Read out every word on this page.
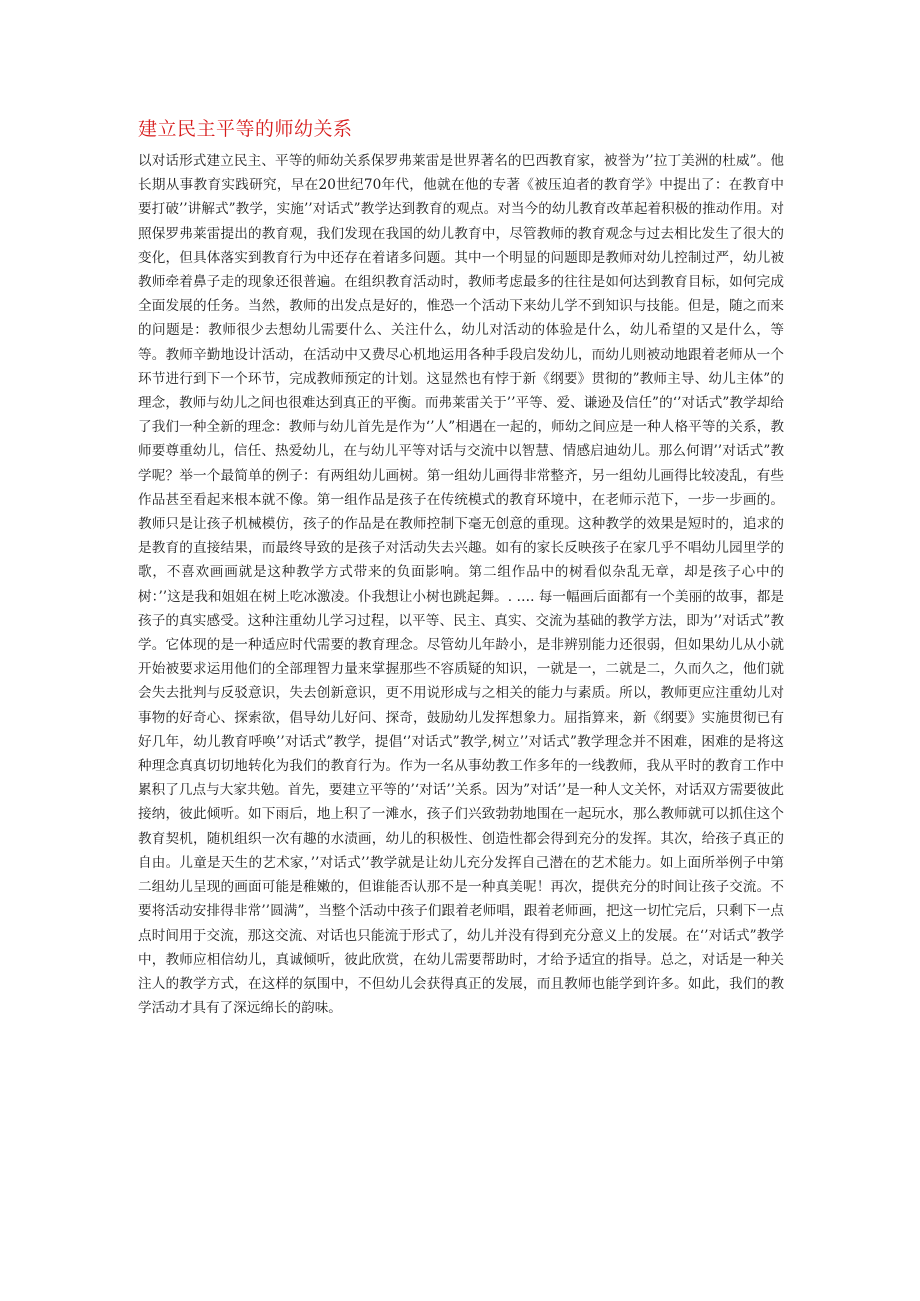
建立民主平等的师幼关系

以对话形式建立民主、平等的师幼关系保罗弗莱雷是世界著名的巴西教育家，被誉为’’拉丁美洲的杜威”。他长期从事教育实践研究，早在20世纪70年代，他就在他的专著《被压迫者的教育学》中提出了：在教育中要打破’’讲解式”教学，实施’’对话式”教学达到教育的观点。对当今的幼儿教育改革起着积极的推动作用。对照保罗弗莱雷提出的教育观，我们发现在我国的幼儿教育中，尽管教师的教育观念与过去相比发生了很大的变化，但具体落实到教育行为中还存在着诸多问题。其中一个明显的问题即是教师对幼儿控制过严，幼儿被教师牵着鼻子走的现象还很普遍。在组织教育活动时，教师考虑最多的往往是如何达到教育目标，如何完成全面发展的任务。当然，教师的出发点是好的，惟恐一个活动下来幼儿学不到知识与技能。但是，随之而来的问题是：教师很少去想幼儿需要什么、关注什么，幼儿对活动的体验是什么，幼儿希望的又是什么，等等。教师辛勤地设计活动，在活动中又费尽心机地运用各种手段启发幼儿，而幼儿则被动地跟着老师从一个环节进行到下一个环节，完成教师预定的计划。这显然也有悖于新《纲要》贯彻的”教师主导、幼儿主体”的理念，教师与幼儿之间也很难达到真正的平衡。而弗莱雷关于’’平等、爱、谦逊及信任”的‘’对话式”教学却给了我们一种全新的理念：教师与幼儿首先是作为‘’人”相遇在一起的，师幼之间应是一种人格平等的关系，教师要尊重幼儿，信任、热爱幼儿，在与幼儿平等对话与交流中以智慧、情感启迪幼儿。那么何谓’’对话式”教学呢？举一个最简单的例子：有两组幼儿画树。第一组幼儿画得非常整齐，另一组幼儿画得比较凌乱，有些作品甚至看起来根本就不像。第一组作品是孩子在传统模式的教育环境中，在老师示范下，一步一步画的。教师只是让孩子机械模仿，孩子的作品是在教师控制下毫无创意的重现。这种教学的效果是短时的，追求的是教育的直接结果，而最终导致的是孩子对活动失去兴趣。如有的家长反映孩子在家几乎不唱幼儿园里学的歌，不喜欢画画就是这种教学方式带来的负面影响。第二组作品中的树看似杂乱无章，却是孩子心中的树：’’这是我和姐姐在树上吃冰激凌。仆我想让小树也跳起舞。. …. 每一幅画后面都有一个美丽的故事，都是孩子的真实感受。这种注重幼儿学习过程，以平等、民主、真实、交流为基础的教学方法，即为’’对话式”教学。它体现的是一种适应时代需要的教育理念。尽管幼儿年龄小，是非辨别能力还很弱，但如果幼儿从小就开始被要求运用他们的全部理智力量来掌握那些不容质疑的知识，一就是一，二就是二，久而久之，他们就会失去批判与反驳意识，失去创新意识，更不用说形成与之相关的能力与素质。所以，教师更应注重幼儿对事物的好奇心、探索欲，倡导幼儿好问、探奇，鼓励幼儿发挥想象力。屈指算来，新《纲要》实施贯彻已有好几年，幼儿教育呼唤’’对话式”教学，提倡‘’对话式”教学,树立’’对话式”教学理念并不困难，困难的是将这种理念真真切切地转化为我们的教育行为。作为一名从事幼教工作多年的一线教师，我从平时的教育工作中累积了几点与大家共勉。首先，要建立平等的’‘对话’’关系。因为”对话’’是一种人文关怀，对话双方需要彼此接纳，彼此倾听。如下雨后，地上积了一滩水，孩子们兴致勃勃地围在一起玩水，那么教师就可以抓住这个教育契机，随机组织一次有趣的水渍画，幼儿的积极性、创造性都会得到充分的发挥。其次，给孩子真正的自由。儿童是天生的艺术家，’’对话式’’教学就是让幼儿充分发挥自己潜在的艺术能力。如上面所举例子中第二组幼儿呈现的画面可能是稚嫩的，但谁能否认那不是一种真美呢！再次，提供充分的时间让孩子交流。不要将活动安排得非常’’圆满”，当整个活动中孩子们跟着老师唱，跟着老师画，把这一切忙完后，只剩下一点点时间用于交流，那这交流、对话也只能流于形式了，幼儿并没有得到充分意义上的发展。在‘’对话式”教学中，教师应相信幼儿，真诚倾听，彼此欣赏，在幼儿需要帮助时，才给予适宜的指导。总之，对话是一种关注人的教学方式，在这样的氛围中，不但幼儿会获得真正的发展，而且教师也能学到许多。如此，我们的教学活动才具有了深远绵长的韵味。
